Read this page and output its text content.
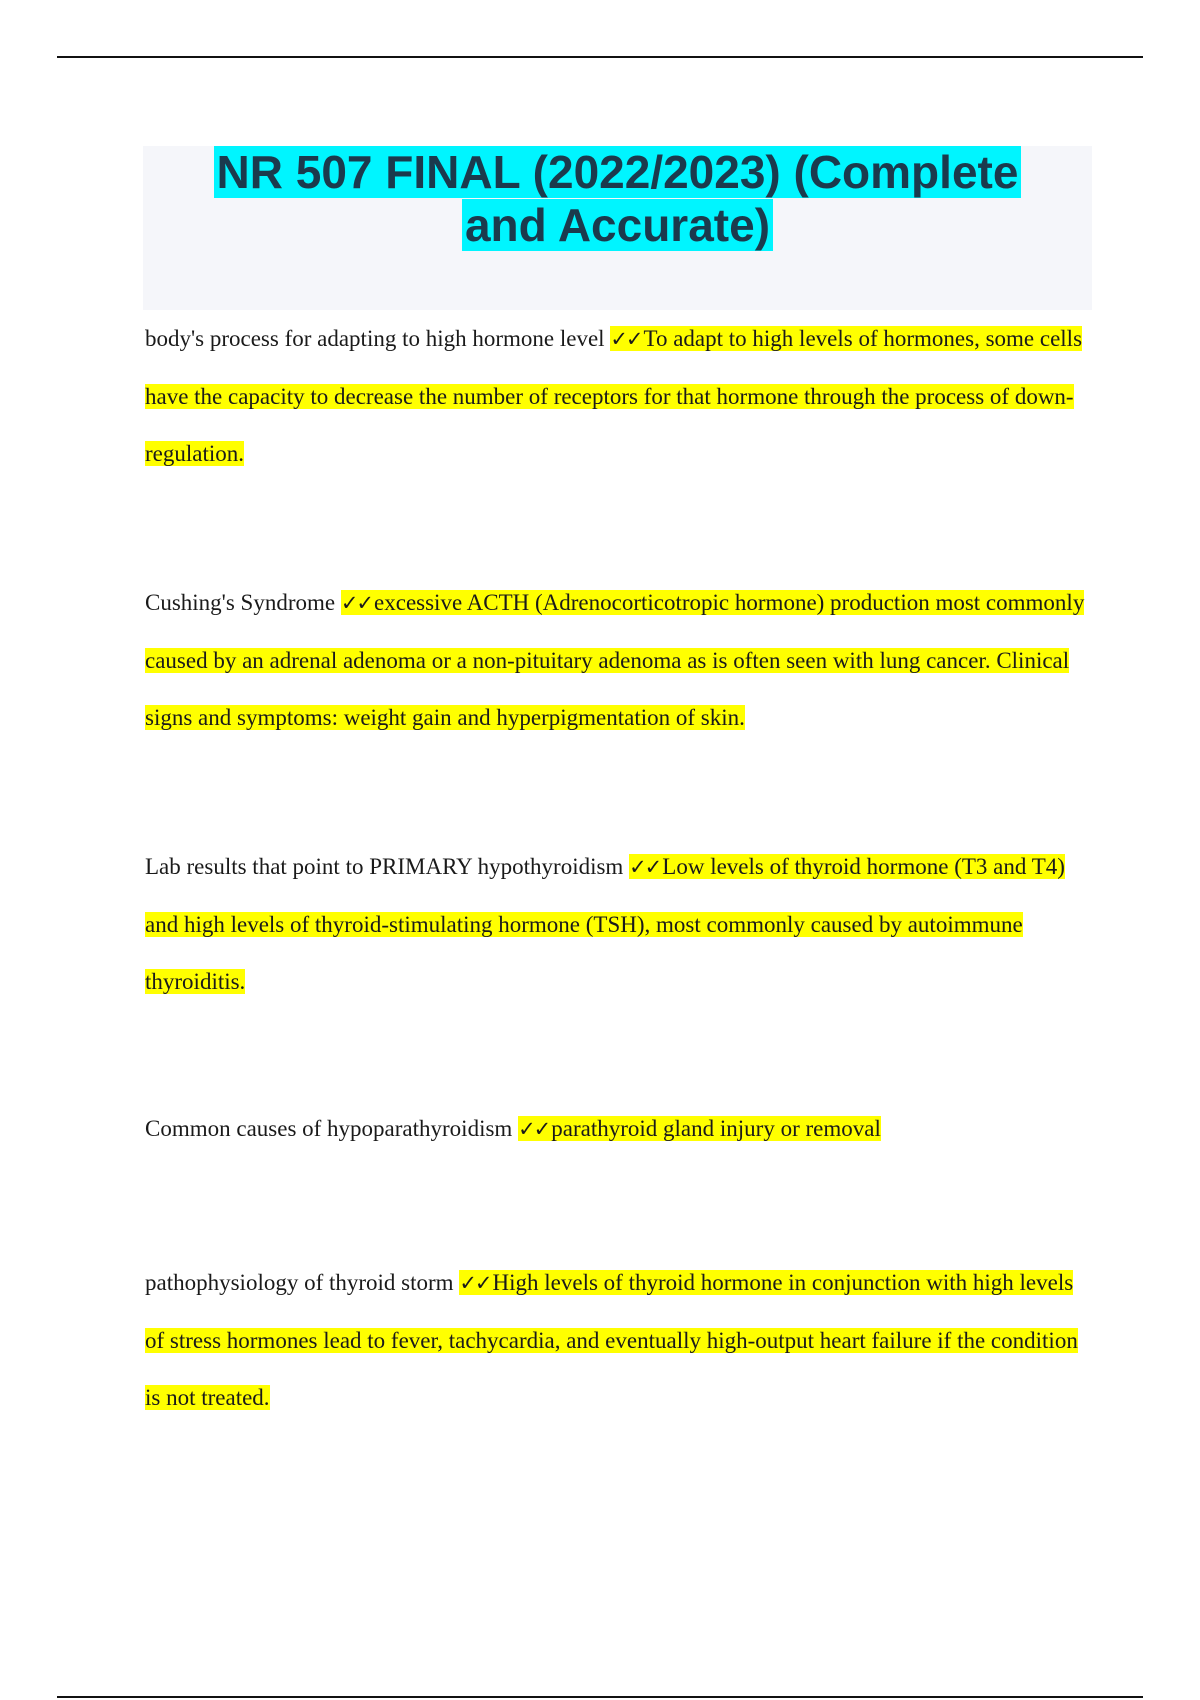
NR 507 FINAL (2022/2023) (Complete
and Accurate)

body's process for adapting to high hormone level ✓✓To adapt to high levels of hormones, some cells have the capacity to decrease the number of receptors for that hormone through the process of down-regulation.

Cushing's Syndrome ✓✓excessive ACTH (Adrenocorticotropic hormone) production most commonly caused by an adrenal adenoma or a non-pituitary adenoma as is often seen with lung cancer. Clinical signs and symptoms: weight gain and hyperpigmentation of skin.

Lab results that point to PRIMARY hypothyroidism ✓✓Low levels of thyroid hormone (T3 and T4) and high levels of thyroid-stimulating hormone (TSH), most commonly caused by autoimmune thyroiditis.

Common causes of hypoparathyroidism ✓✓parathyroid gland injury or removal

pathophysiology of thyroid storm ✓✓High levels of thyroid hormone in conjunction with high levels of stress hormones lead to fever, tachycardia, and eventually high-output heart failure if the condition is not treated.
